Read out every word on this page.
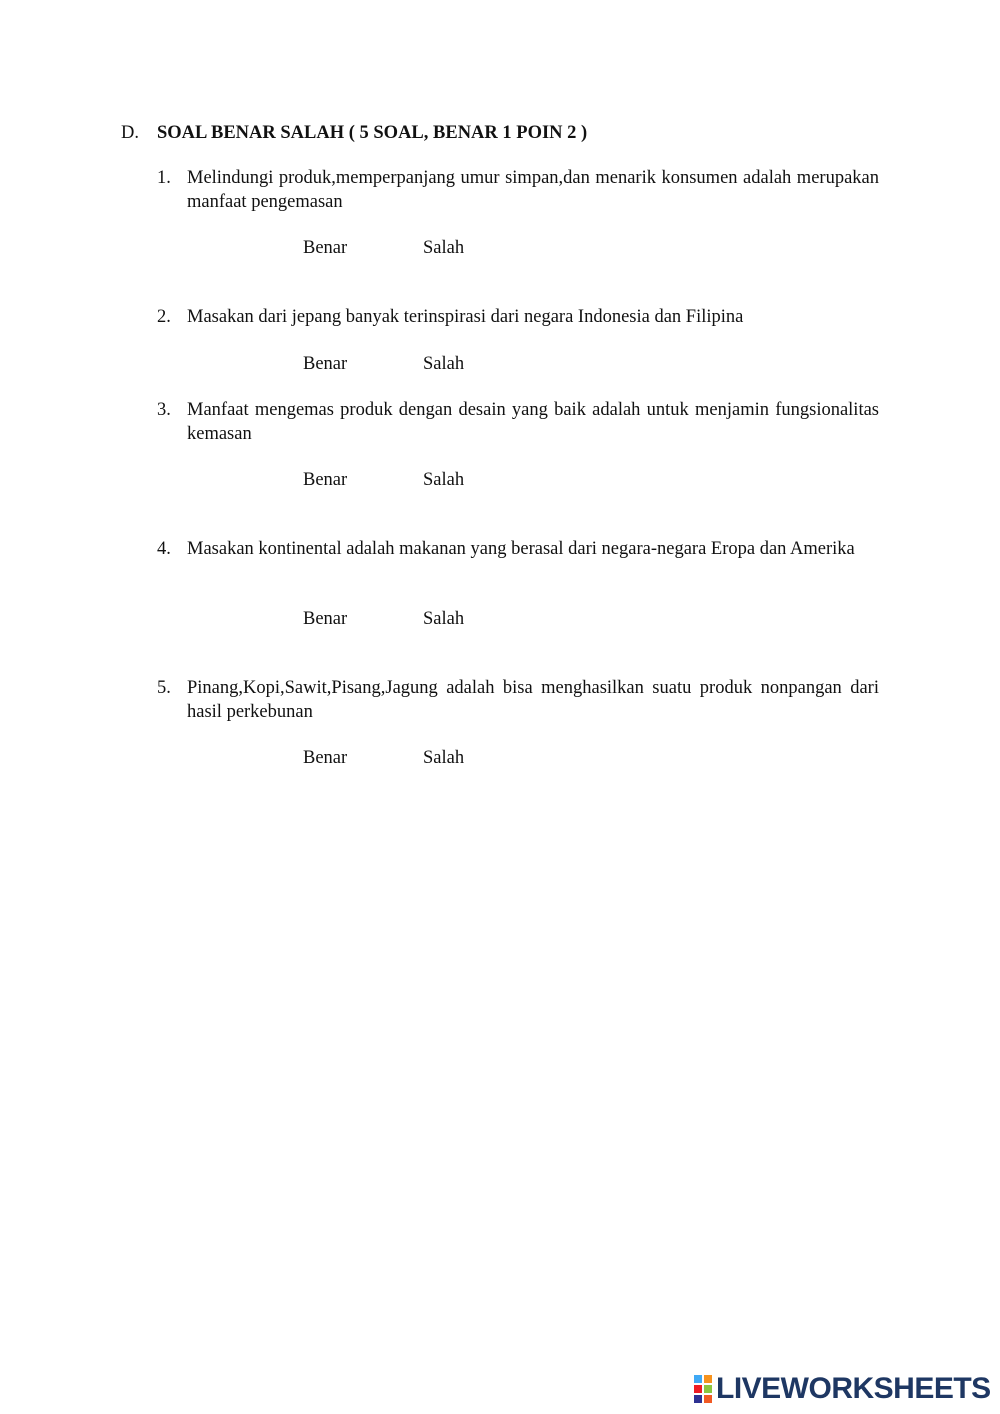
D. SOAL BENAR SALAH ( 5 SOAL, BENAR 1 POIN 2 )
1. Melindungi produk,memperpanjang umur simpan,dan menarik konsumen adalah merupakan manfaat pengemasan
Benar	Salah
2. Masakan dari jepang banyak terinspirasi dari negara Indonesia dan Filipina
Benar	Salah
3. Manfaat mengemas produk dengan desain yang baik adalah untuk menjamin fungsionalitas kemasan
Benar	Salah
4. Masakan kontinental adalah makanan yang berasal dari negara-negara Eropa dan Amerika
Benar	Salah
5. Pinang,Kopi,Sawit,Pisang,Jagung adalah bisa menghasilkan suatu produk nonpangan dari hasil perkebunan
Benar	Salah
LIVEWORKSHEETS
